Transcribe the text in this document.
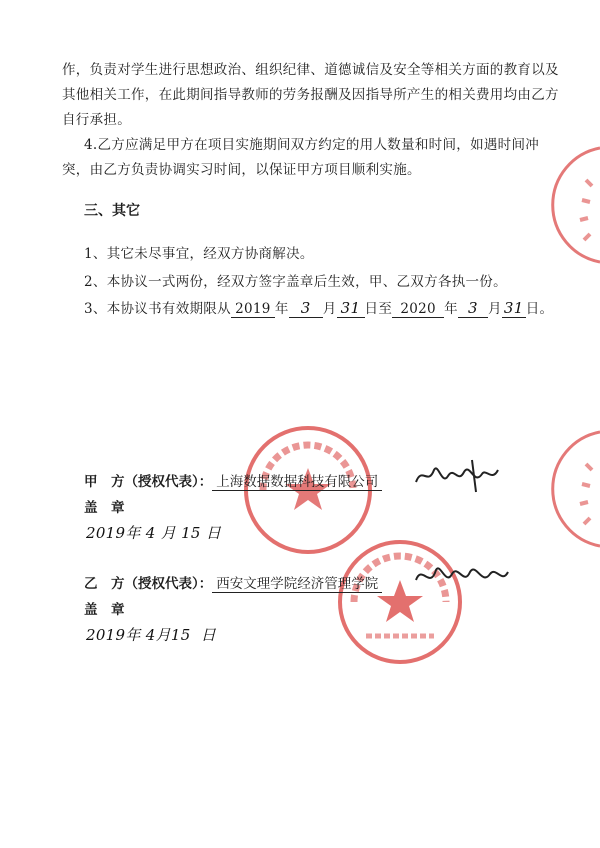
作，负责对学生进行思想政治、组织纪律、道德诚信及安全等相关方面的教育以及其他相关工作，在此期间指导教师的劳务报酬及因指导所产生的相关费用均由乙方自行承担。
4.乙方应满足甲方在项目实施期间双方约定的用人数量和时间，如遇时间冲突，由乙方负责协调实习时间，以保证甲方项目顺利实施。
三、其它
1、其它未尽事宜，经双方协商解决。
2、本协议一式两份，经双方签字盖章后生效，甲、乙双方各执一份。
3、本协议书有效期限从 2019 年 3 月 31 日至 2020 年 3 月 31 日。
甲　方（授权代表）： 上海数据数据科技有限公司
盖　章
2019年 4 月 15 日
乙　方（授权代表）： 西安文理学院经济管理学院
盖　章
2019年 4月15 日
